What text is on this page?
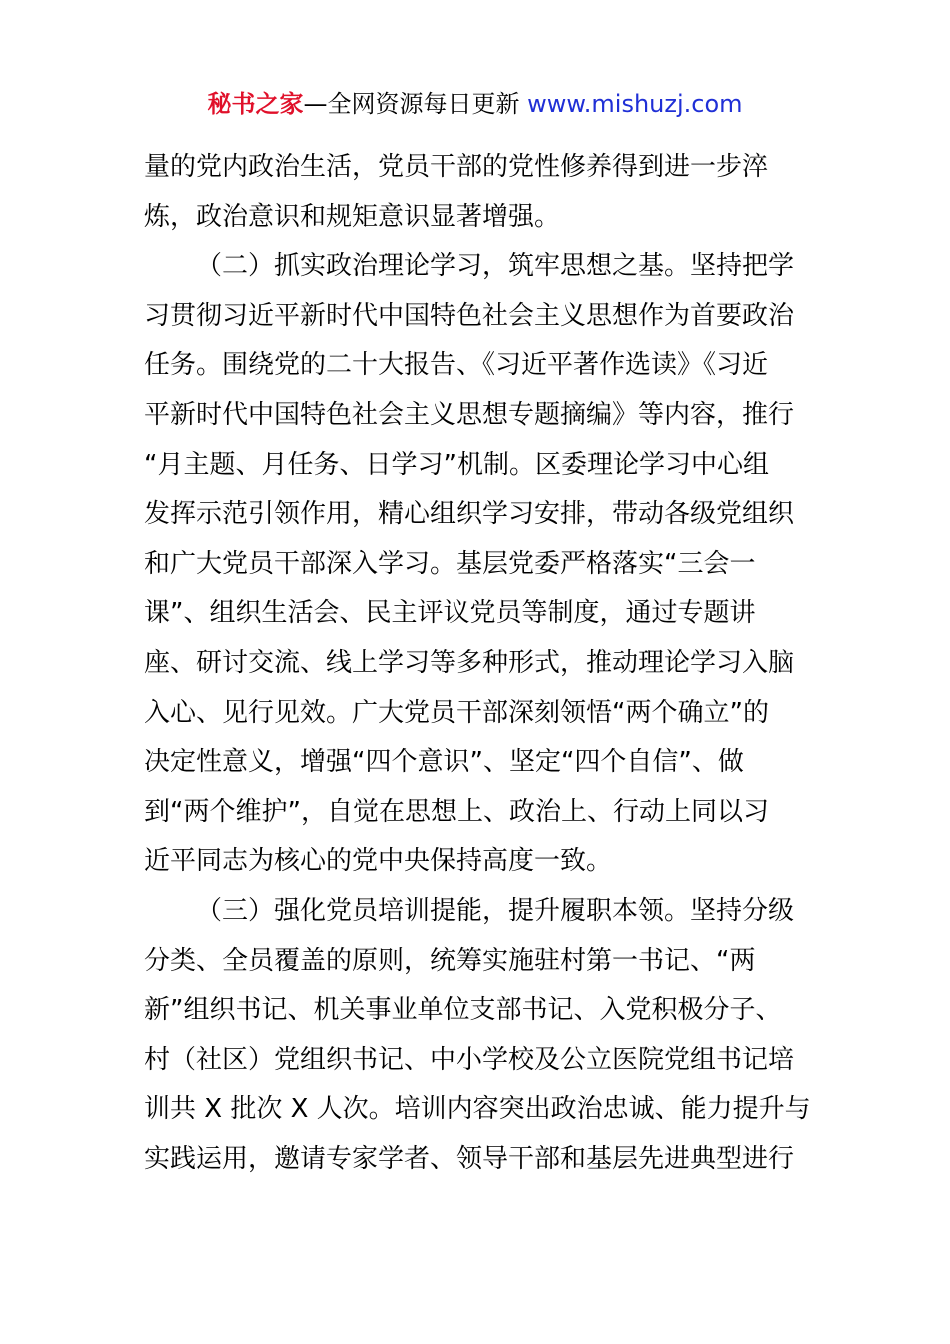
秘书之家—全网资源每日更新 www.mishuzj.com
量的党内政治生活，党员干部的党性修养得到进一步淬
炼，政治意识和规矩意识显著增强。
（二）抓实政治理论学习，筑牢思想之基。坚持把学
习贯彻习近平新时代中国特色社会主义思想作为首要政治
任务。围绕党的二十大报告、《习近平著作选读》《习近
平新时代中国特色社会主义思想专题摘编》等内容，推行
“月主题、月任务、日学习”机制。区委理论学习中心组
发挥示范引领作用，精心组织学习安排，带动各级党组织
和广大党员干部深入学习。基层党委严格落实“三会一
课”、组织生活会、民主评议党员等制度，通过专题讲
座、研讨交流、线上学习等多种形式，推动理论学习入脑
入心、见行见效。广大党员干部深刻领悟“两个确立”的
决定性意义，增强“四个意识”、坚定“四个自信”、做
到“两个维护”，自觉在思想上、政治上、行动上同以习
近平同志为核心的党中央保持高度一致。
（三）强化党员培训提能，提升履职本领。坚持分级
分类、全员覆盖的原则，统筹实施驻村第一书记、“两
新”组织书记、机关事业单位支部书记、入党积极分子、
村（社区）党组织书记、中小学校及公立医院党组书记培
训共 X 批次 X 人次。培训内容突出政治忠诚、能力提升与
实践运用，邀请专家学者、领导干部和基层先进典型进行
